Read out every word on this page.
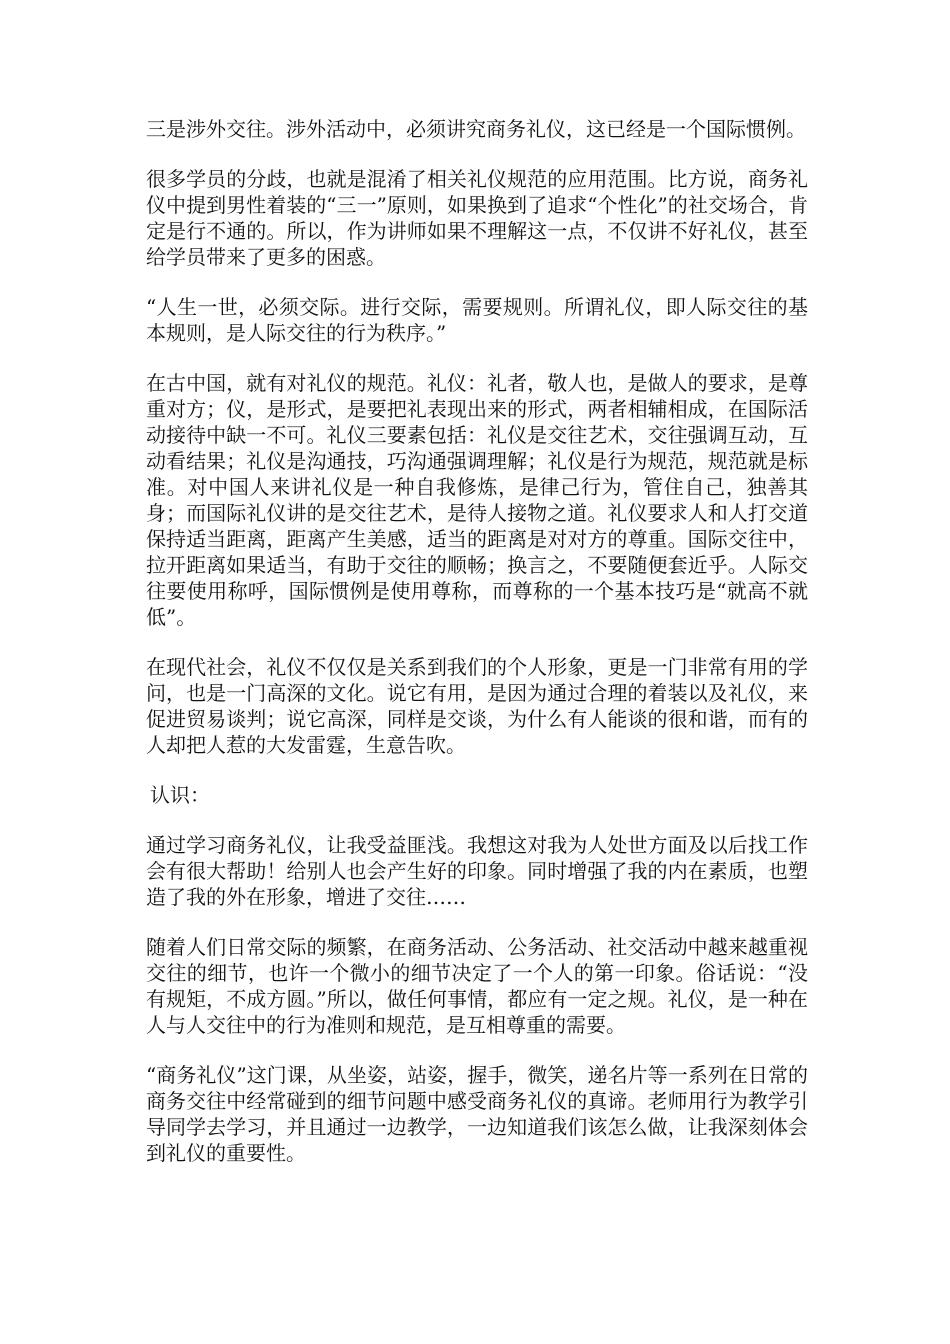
三是涉外交往。涉外活动中，必须讲究商务礼仪，这已经是一个国际惯例。

很多学员的分歧，也就是混淆了相关礼仪规范的应用范围。比方说，商务礼仪中提到男性着装的“三一”原则，如果换到了追求“个性化”的社交场合，肯定是行不通的。所以，作为讲师如果不理解这一点，不仅讲不好礼仪，甚至给学员带来了更多的困惑。

“人生一世，必须交际。进行交际，需要规则。所谓礼仪，即人际交往的基本规则，是人际交往的行为秩序。”

在古中国，就有对礼仪的规范。礼仪：礼者，敬人也，是做人的要求，是尊重对方；仪，是形式，是要把礼表现出来的形式，两者相辅相成，在国际活动接待中缺一不可。礼仪三要素包括：礼仪是交往艺术，交往强调互动，互动看结果；礼仪是沟通技，巧沟通强调理解；礼仪是行为规范，规范就是标准。对中国人来讲礼仪是一种自我修炼，是律己行为，管住自己，独善其身；而国际礼仪讲的是交往艺术，是待人接物之道。礼仪要求人和人打交道保持适当距离，距离产生美感，适当的距离是对对方的尊重。国际交往中，拉开距离如果适当，有助于交往的顺畅；换言之，不要随便套近乎。人际交往要使用称呼，国际惯例是使用尊称，而尊称的一个基本技巧是“就高不就低”。

在现代社会，礼仪不仅仅是关系到我们的个人形象，更是一门非常有用的学问，也是一门高深的文化。说它有用，是因为通过合理的着装以及礼仪，来促进贸易谈判；说它高深，同样是交谈，为什么有人能谈的很和谐，而有的人却把人惹的大发雷霆，生意告吹。

认识：

通过学习商务礼仪，让我受益匪浅。我想这对我为人处世方面及以后找工作会有很大帮助！给别人也会产生好的印象。同时增强了我的内在素质，也塑造了我的外在形象，增进了交往……

随着人们日常交际的频繁，在商务活动、公务活动、社交活动中越来越重视交往的细节，也许一个微小的细节决定了一个人的第一印象。俗话说：“没有规矩，不成方圆。”所以，做任何事情，都应有一定之规。礼仪，是一种在人与人交往中的行为准则和规范，是互相尊重的需要。

“商务礼仪”这门课，从坐姿，站姿，握手，微笑，递名片等一系列在日常的商务交往中经常碰到的细节问题中感受商务礼仪的真谛。老师用行为教学引导同学去学习，并且通过一边教学，一边知道我们该怎么做，让我深刻体会到礼仪的重要性。
